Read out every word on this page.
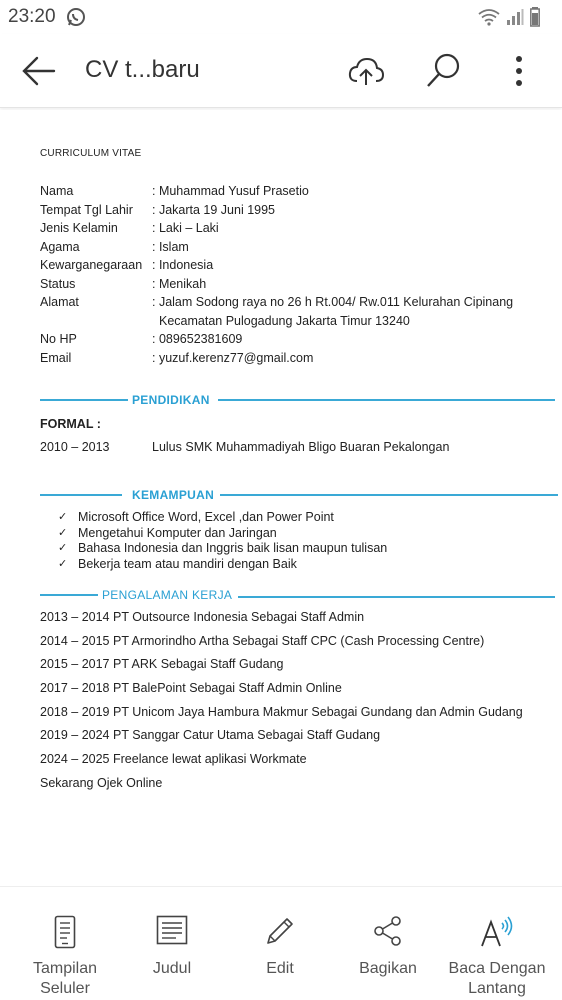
23:20
CV t...baru
CURRICULUM VITAE
Nama	: Muhammad Yusuf Prasetio
Tempat Tgl Lahir	: Jakarta 19 Juni 1995
Jenis Kelamin	: Laki – Laki
Agama	: Islam
Kewarganegaraan : Indonesia
Status	: Menikah
Alamat	: Jalam Sodong raya no 26 h Rt.004/ Rw.011 Kelurahan Cipinang
Kecamatan Pulogadung Jakarta Timur 13240
No HP	: 089652381609
Email	: yuzuf.kerenz77@gmail.com
PENDIDIKAN
FORMAL :
2010 – 2013	Lulus SMK Muhammadiyah Bligo Buaran Pekalongan
KEMAMPUAN
✓ Microsoft Office Word, Excel ,dan Power Point
✓ Mengetahui Komputer dan Jaringan
✓ Bahasa Indonesia dan Inggris baik lisan maupun tulisan
✓ Bekerja team atau mandiri dengan Baik
PENGALAMAN KERJA
2013 – 2014 PT Outsource Indonesia Sebagai Staff Admin
2014 – 2015 PT Armorindho Artha Sebagai Staff CPC (Cash Processing Centre)
2015 – 2017 PT ARK Sebagai Staff Gudang
2017 – 2018 PT BalePoint Sebagai Staff Admin Online
2018 – 2019 PT Unicom Jaya Hambura Makmur Sebagai Gundang dan Admin Gudang
2019 – 2024 PT Sanggar Catur Utama Sebagai Staff Gudang
2024 – 2025 Freelance lewat aplikasi Workmate
Sekarang Ojek Online
Tampilan Seluler
Judul	Edit	Bagikan	Baca Dengan Lantang
